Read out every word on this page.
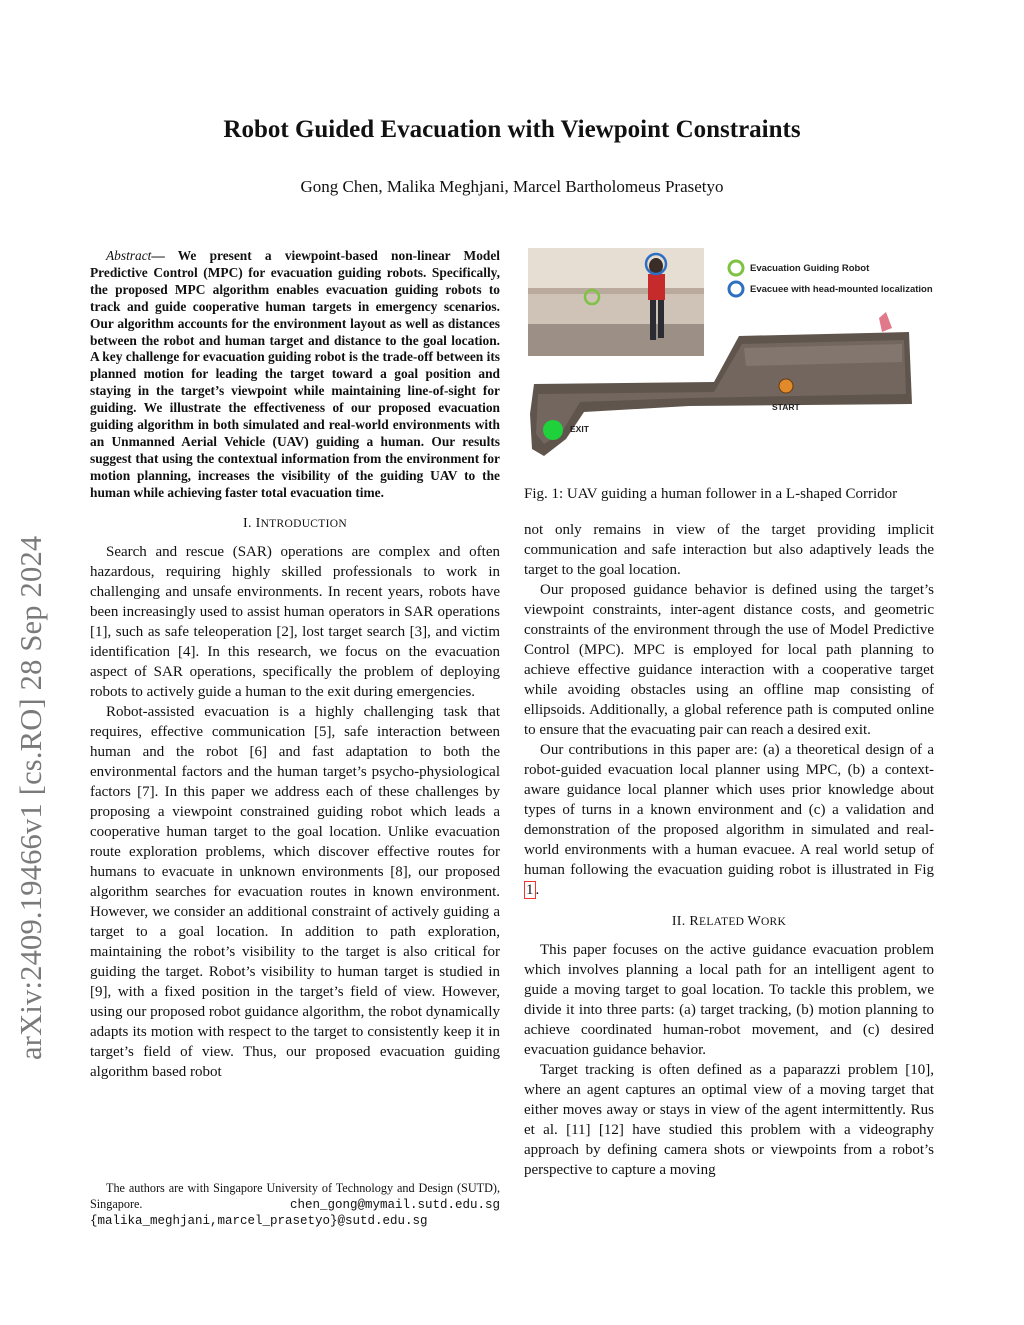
arXiv:2409.19466v1 [cs.RO] 28 Sep 2024
Robot Guided Evacuation with Viewpoint Constraints
Gong Chen, Malika Meghjani, Marcel Bartholomeus Prasetyo

Abstract— We present a viewpoint-based non-linear Model Predictive Control (MPC) for evacuation guiding robots. Specifically, the proposed MPC algorithm enables evacuation guiding robots to track and guide cooperative human targets in emergency scenarios. Our algorithm accounts for the environment layout as well as distances between the robot and human target and distance to the goal location. A key challenge for evacuation guiding robot is the trade-off between its planned motion for leading the target toward a goal position and staying in the target’s viewpoint while maintaining line-of-sight for guiding. We illustrate the effectiveness of our proposed evacuation guiding algorithm in both simulated and real-world environments with an Unmanned Aerial Vehicle (UAV) guiding a human. Our results suggest that using the contextual information from the environment for motion planning, increases the visibility of the guiding UAV to the human while achieving faster total evacuation time.

I. INTRODUCTION

Search and rescue (SAR) operations are complex and often hazardous, requiring highly skilled professionals to work in challenging and unsafe environments. In recent years, robots have been increasingly used to assist human operators in SAR operations [1], such as safe teleoperation [2], lost target search [3], and victim identification [4]. In this research, we focus on the evacuation aspect of SAR operations, specifically the problem of deploying robots to actively guide a human to the exit during emergencies.

Robot-assisted evacuation is a highly challenging task that requires, effective communication [5], safe interaction between human and the robot [6] and fast adaptation to both the environmental factors and the human target’s psycho-physiological factors [7]. In this paper we address each of these challenges by proposing a viewpoint constrained guiding robot which leads a cooperative human target to the goal location. Unlike evacuation route exploration problems, which discover effective routes for humans to evacuate in unknown environments [8], our proposed algorithm searches for evacuation routes in known environment. However, we consider an additional constraint of actively guiding a target to a goal location. In addition to path exploration, maintaining the robot’s visibility to the target is also critical for guiding the target. Robot’s visibility to human target is studied in [9], with a fixed position in the target’s field of view. However, using our proposed robot guidance algorithm, the robot dynamically adapts its motion with respect to the target to consistently keep it in target’s field of view. Thus, our proposed evacuation guiding algorithm based robot

The authors are with Singapore University of Technology and Design (SUTD), Singapore.	chen_gong@mymail.sutd.edu.sg {malika_meghjani,marcel_prasetyo}@sutd.edu.sg
Evacuation Guiding Robot
Evacuee with head-mounted localization
START
EXIT
Fig. 1: UAV guiding a human follower in a L-shaped Corridor

not only remains in view of the target providing implicit communication and safe interaction but also adaptively leads the target to the goal location.

Our proposed guidance behavior is defined using the target’s viewpoint constraints, inter-agent distance costs, and geometric constraints of the environment through the use of Model Predictive Control (MPC). MPC is employed for local path planning to achieve effective guidance interaction with a cooperative target while avoiding obstacles using an offline map consisting of ellipsoids. Additionally, a global reference path is computed online to ensure that the evacuating pair can reach a desired exit.

Our contributions in this paper are: (a) a theoretical design of a robot-guided evacuation local planner using MPC, (b) a context-aware guidance local planner which uses prior knowledge about types of turns in a known environment and (c) a validation and demonstration of the proposed algorithm in simulated and real-world environments with a human evacuee. A real world setup of human following the evacuation guiding robot is illustrated in Fig 1 .

II. RELATED WORK

This paper focuses on the active guidance evacuation problem which involves planning a local path for an intelligent agent to guide a moving target to goal location. To tackle this problem, we divide it into three parts: (a) target tracking, (b) motion planning to achieve coordinated human-robot movement, and (c) desired evacuation guidance behavior.

Target tracking is often defined as a paparazzi problem [10], where an agent captures an optimal view of a moving target that either moves away or stays in view of the agent intermittently. Rus et al. [11] [12] have studied this problem with a videography approach by defining camera shots or viewpoints from a robot’s perspective to capture a moving
